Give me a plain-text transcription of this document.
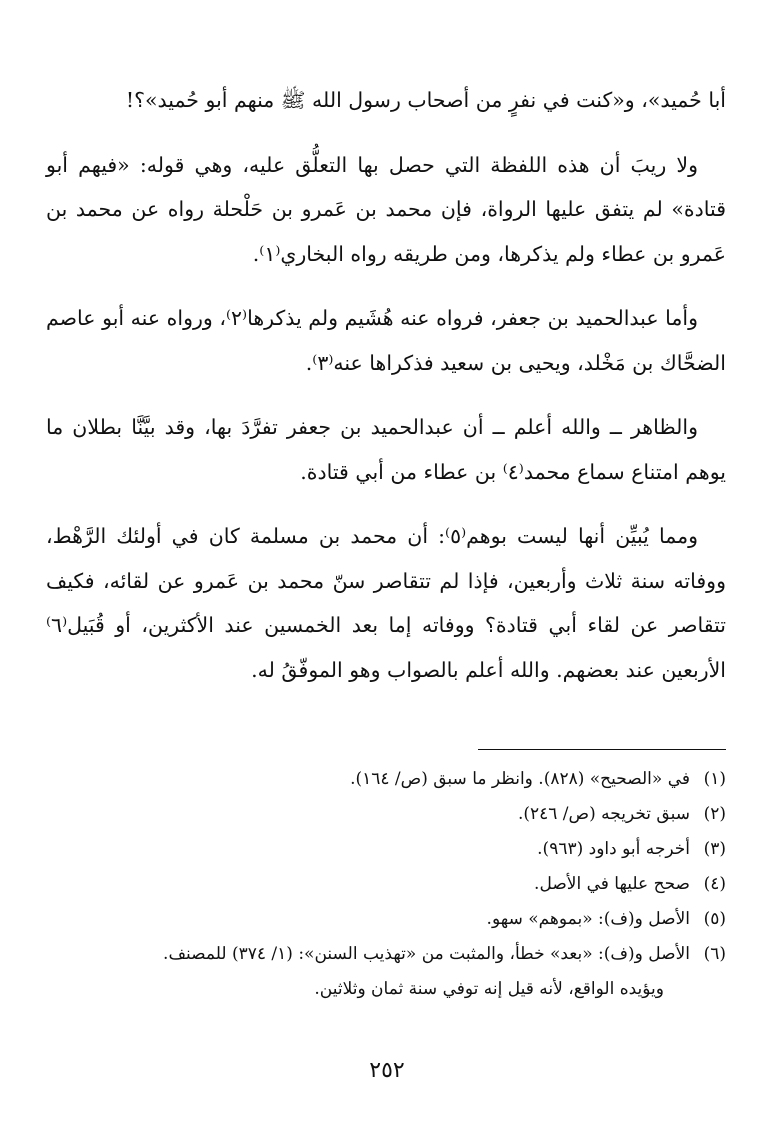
أبا حُميد»، و«كنت في نفرٍ من أصحاب رسول الله ﷺ منهم أبو حُميد»؟!

ولا ريبَ أن هذه اللفظة التي حصل بها التعلُّق عليه، وهي قوله: «فيهم أبو قتادة» لم يتفق عليها الرواة، فإن محمد بن عَمرو بن حَلْحلة رواه عن محمد بن عَمرو بن عطاء ولم يذكرها، ومن طريقه رواه البخاري⁽١⁾.

وأما عبدالحميد بن جعفر، فرواه عنه هُشَيم ولم يذكرها⁽٢⁾، ورواه عنه أبو عاصم الضحَّاك بن مَخْلد، ويحيى بن سعيد فذكراها عنه⁽٣⁾.

والظاهر ــ والله أعلم ــ أن عبدالحميد بن جعفر تفرَّدَ بها، وقد بيَّنَّا بطلان ما يوهم امتناع سماع محمد⁽٤⁾ بن عطاء من أبي قتادة.

ومما يُبيِّن أنها ليست بوهم⁽٥⁾: أن محمد بن مسلمة كان في أولئك الرَّهْط، ووفاته سنة ثلاث وأربعين، فإذا لم تتقاصر سنّ محمد بن عَمرو عن لقائه، فكيف تتقاصر عن لقاء أبي قتادة؟ ووفاته إما بعد الخمسين عند الأكثرين، أو قُبَيل⁽٦⁾ الأربعين عند بعضهم. والله أعلم بالصواب وهو الموفّقُ له.

(١)
في «الصحيح» (٨٢٨). وانظر ما سبق (ص/ ١٦٤).
(٢)
سبق تخريجه (ص/ ٢٤٦).
(٣)
أخرجه أبو داود (٩٦٣).
(٤)
صحح عليها في الأصل.
(٥)
الأصل و(ف): «بموهم» سهو.
(٦)
الأصل و(ف): «بعد» خطأ، والمثبت من «تهذيب السنن»: (١/ ٣٧٤) للمصنف.
ويؤيده الواقع، لأنه قيل إنه توفي سنة ثمان وثلاثين.
٢٥٢
